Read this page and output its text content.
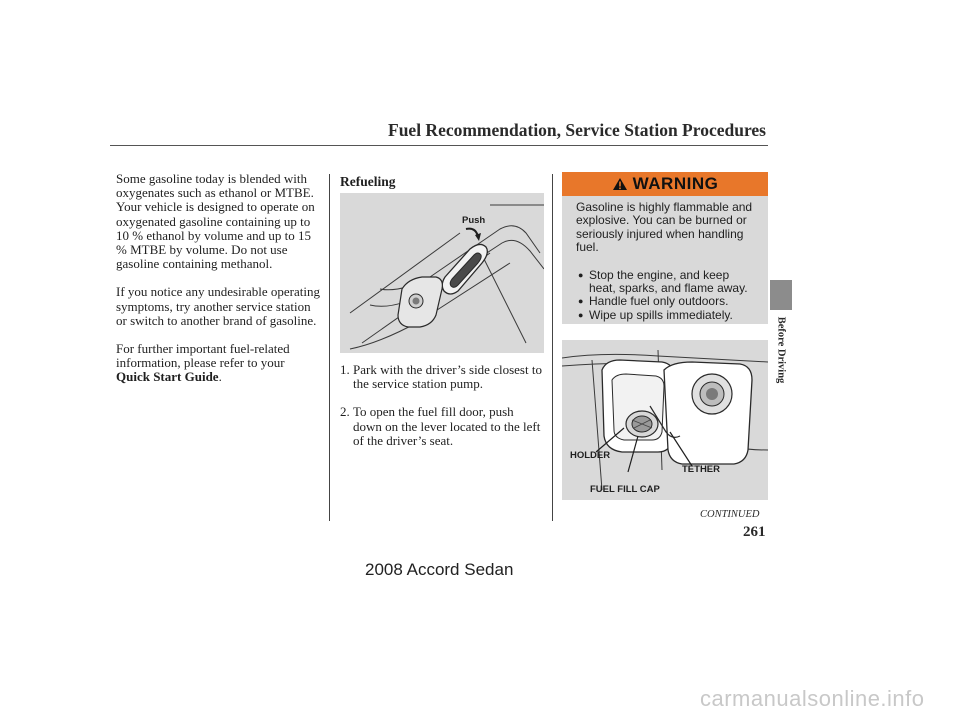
Fuel Recommendation, Service Station Procedures

Some gasoline today is blended with oxygenates such as ethanol or MTBE. Your vehicle is designed to operate on oxygenated gasoline containing up to 10 % ethanol by volume and up to 15 % MTBE by volume. Do not use gasoline containing methanol.

If you notice any undesirable operating symptoms, try another service station or switch to another brand of gasoline.

For further important fuel-related information, please refer to your
Quick Start Guide.

Refueling
Push
1. Park with the driver’s side closest to the service station pump.
2. To open the fuel fill door, push down on the lever located to the left of the driver’s seat.
WARNING

Gasoline is highly flammable and explosive. You can be burned or seriously injured when handling fuel.

● Stop the engine, and keep heat, sparks, and flame away.
● Handle fuel only outdoors.
● Wipe up spills immediately.
HOLDER
TETHER
FUEL FILL CAP
Before Driving
CONTINUED
261
2008 Accord Sedan
carmanualsonline.info
